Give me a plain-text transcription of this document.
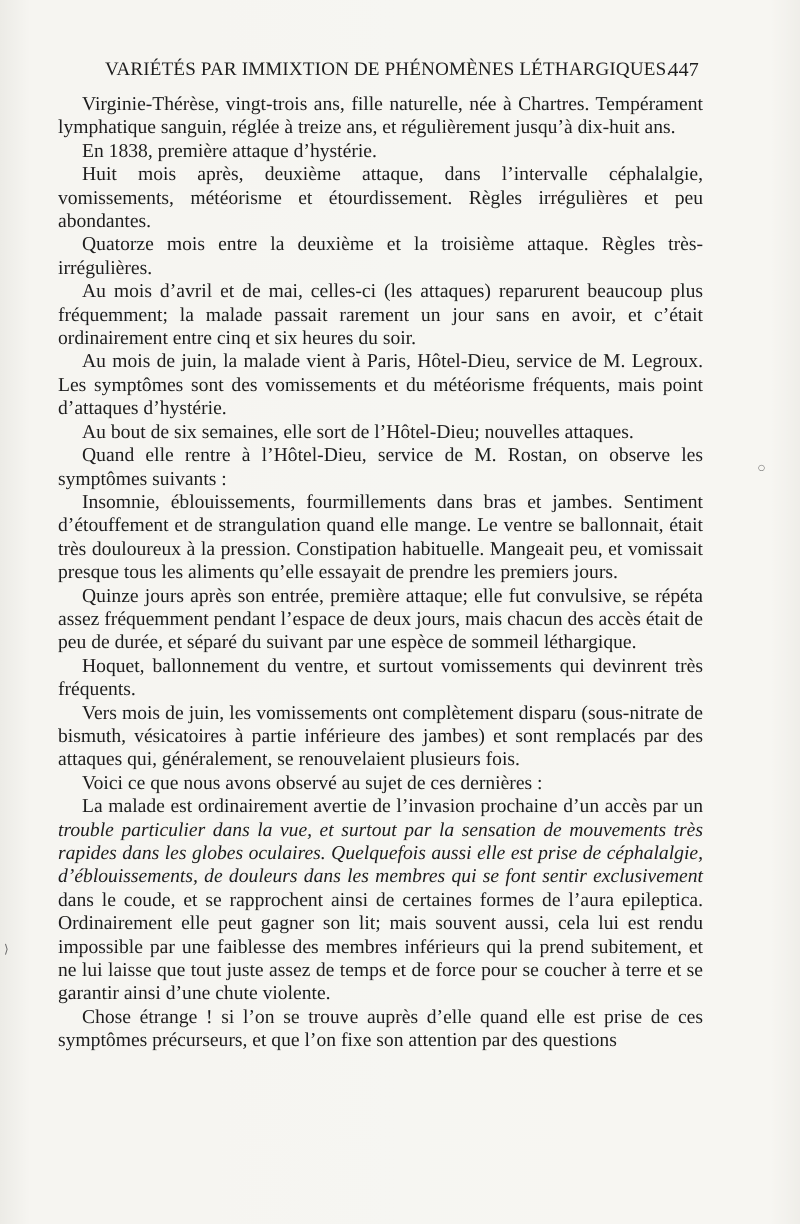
VARIÉTÉS PAR IMMIXTION DE PHÉNOMÈNES LÉTHARGIQUES.
447

Virginie-Thérèse, vingt-trois ans, fille naturelle, née à Chartres. Tempérament lymphatique sanguin, réglée à treize ans, et régulièrement jusqu’à dix-huit ans.

En 1838, première attaque d’hystérie.

Huit mois après, deuxième attaque, dans l’intervalle céphalalgie, vomissements, météorisme et étourdissement. Règles irrégulières et peu abondantes.

Quatorze mois entre la deuxième et la troisième attaque. Règles très-irrégulières.

Au mois d’avril et de mai, celles-ci (les attaques) reparurent beaucoup plus fréquemment; la malade passait rarement un jour sans en avoir, et c’était ordinairement entre cinq et six heures du soir.

Au mois de juin, la malade vient à Paris, Hôtel-Dieu, service de M. Legroux. Les symptômes sont des vomissements et du météorisme fréquents, mais point d’attaques d’hystérie.

Au bout de six semaines, elle sort de l’Hôtel-Dieu; nouvelles attaques.

Quand elle rentre à l’Hôtel-Dieu, service de M. Rostan, on observe les symptômes suivants :

Insomnie, éblouissements, fourmillements dans bras et jambes. Sentiment d’étouffement et de strangulation quand elle mange. Le ventre se ballonnait, était très douloureux à la pression. Constipation habituelle. Mangeait peu, et vomissait presque tous les aliments qu’elle essayait de prendre les premiers jours.

Quinze jours après son entrée, première attaque; elle fut convulsive, se répéta assez fréquemment pendant l’espace de deux jours, mais chacun des accès était de peu de durée, et séparé du suivant par une espèce de sommeil léthargique.

Hoquet, ballonnement du ventre, et surtout vomissements qui devinrent très fréquents.

Vers mois de juin, les vomissements ont complètement disparu (sous-nitrate de bismuth, vésicatoires à partie inférieure des jambes) et sont remplacés par des attaques qui, généralement, se renouvelaient plusieurs fois.

Voici ce que nous avons observé au sujet de ces dernières :

La malade est ordinairement avertie de l’invasion prochaine d’un accès par un trouble particulier dans la vue, et surtout par la sensation de mouvements très rapides dans les globes oculaires. Quelquefois aussi elle est prise de céphalalgie, d’éblouissements, de douleurs dans les membres qui se font sentir exclusivement dans le coude, et se rapprochent ainsi de certaines formes de l’aura epileptica. Ordinairement elle peut gagner son lit; mais souvent aussi, cela lui est rendu impossible par une faiblesse des membres inférieurs qui la prend subitement, et ne lui laisse que tout juste assez de temps et de force pour se coucher à terre et se garantir ainsi d’une chute violente.

Chose étrange ! si l’on se trouve auprès d’elle quand elle est prise de ces symptômes précurseurs, et que l’on fixe son attention par des questions

⟩
○
